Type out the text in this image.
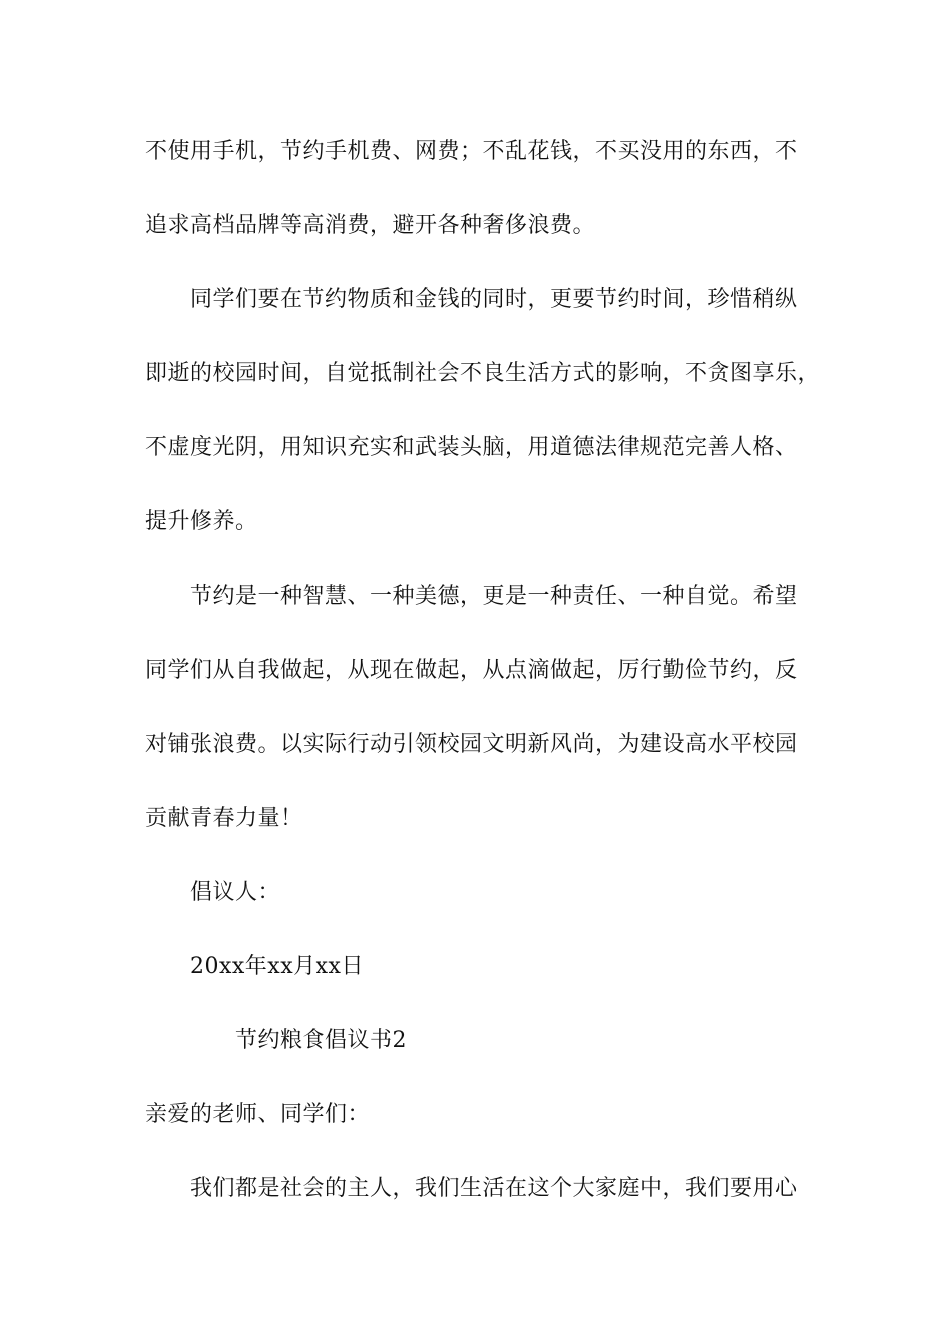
不使用手机，节约手机费、网费；不乱花钱，不买没用的东西，不
追求高档品牌等高消费，避开各种奢侈浪费。
同学们要在节约物质和金钱的同时，更要节约时间，珍惜稍纵
即逝的校园时间，自觉抵制社会不良生活方式的影响，不贪图享乐，
不虚度光阴，用知识充实和武装头脑，用道德法律规范完善人格、
提升修养。
节约是一种智慧、一种美德，更是一种责任、一种自觉。希望
同学们从自我做起，从现在做起，从点滴做起，厉行勤俭节约，反
对铺张浪费。以实际行动引领校园文明新风尚，为建设高水平校园
贡献青春力量！
倡议人：
20xx年xx月xx日
节约粮食倡议书2
亲爱的老师、同学们：
我们都是社会的主人，我们生活在这个大家庭中，我们要用心
